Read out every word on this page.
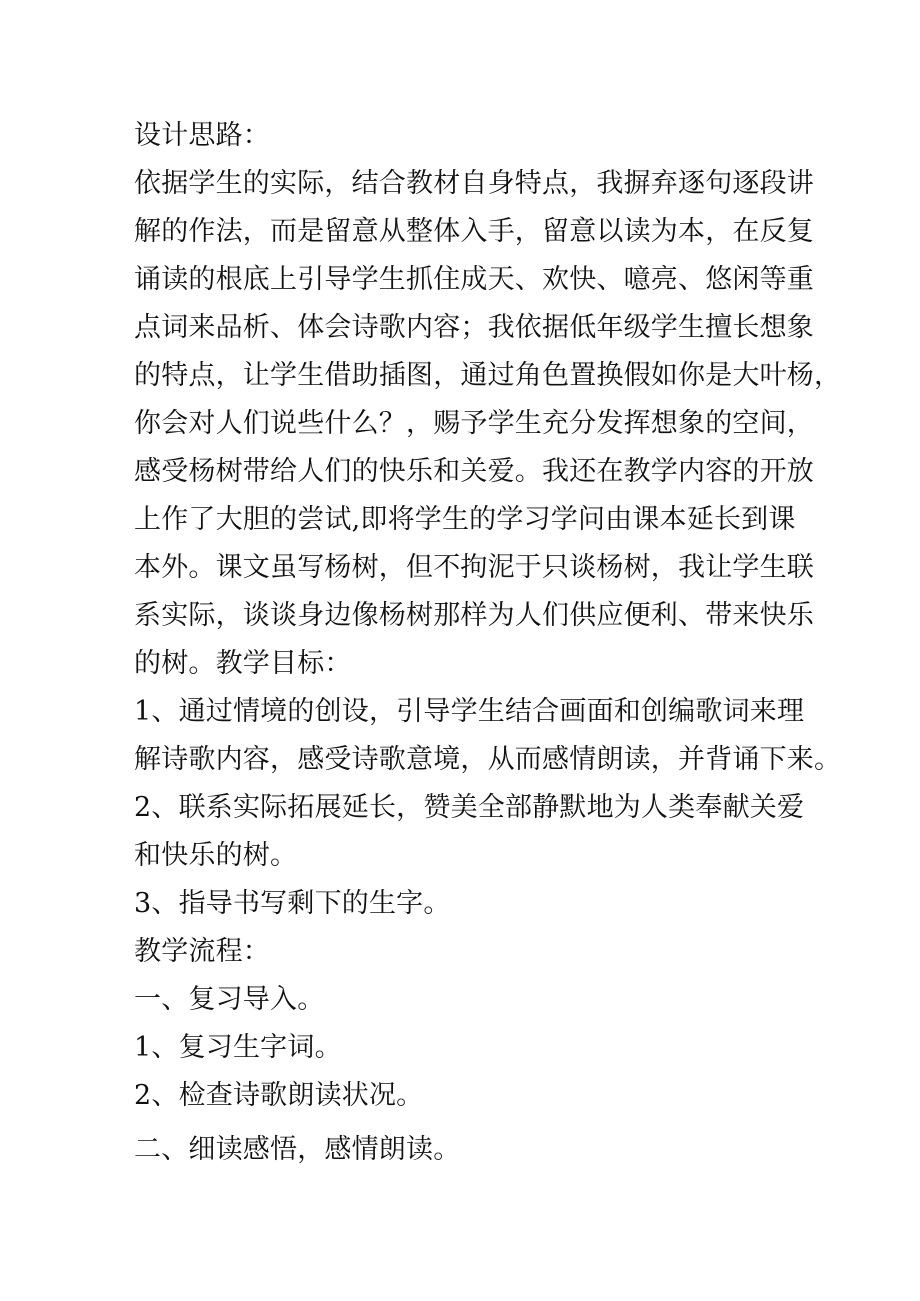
设计思路：
依据学生的实际，结合教材自身特点，我摒弃逐句逐段讲
解的作法，而是留意从整体入手，留意以读为本，在反复
诵读的根底上引导学生抓住成天、欢快、噫亮、悠闲等重
点词来品析、体会诗歌内容；我依据低年级学生擅长想象
的特点，让学生借助插图，通过角色置换假如你是大叶杨，
你会对人们说些什么？，赐予学生充分发挥想象的空间，
感受杨树带给人们的快乐和关爱。我还在教学内容的开放
上作了大胆的尝试,即将学生的学习学问由课本延长到课
本外。课文虽写杨树，但不拘泥于只谈杨树，我让学生联
系实际，谈谈身边像杨树那样为人们供应便利、带来快乐
的树。教学目标：
1、通过情境的创设，引导学生结合画面和创编歌词来理
解诗歌内容，感受诗歌意境，从而感情朗读，并背诵下来。
2、联系实际拓展延长，赞美全部静默地为人类奉献关爱
和快乐的树。
3、指导书写剩下的生字。
教学流程：
一、复习导入。
1、复习生字词。
2、检查诗歌朗读状况。
二、细读感悟，感情朗读。
